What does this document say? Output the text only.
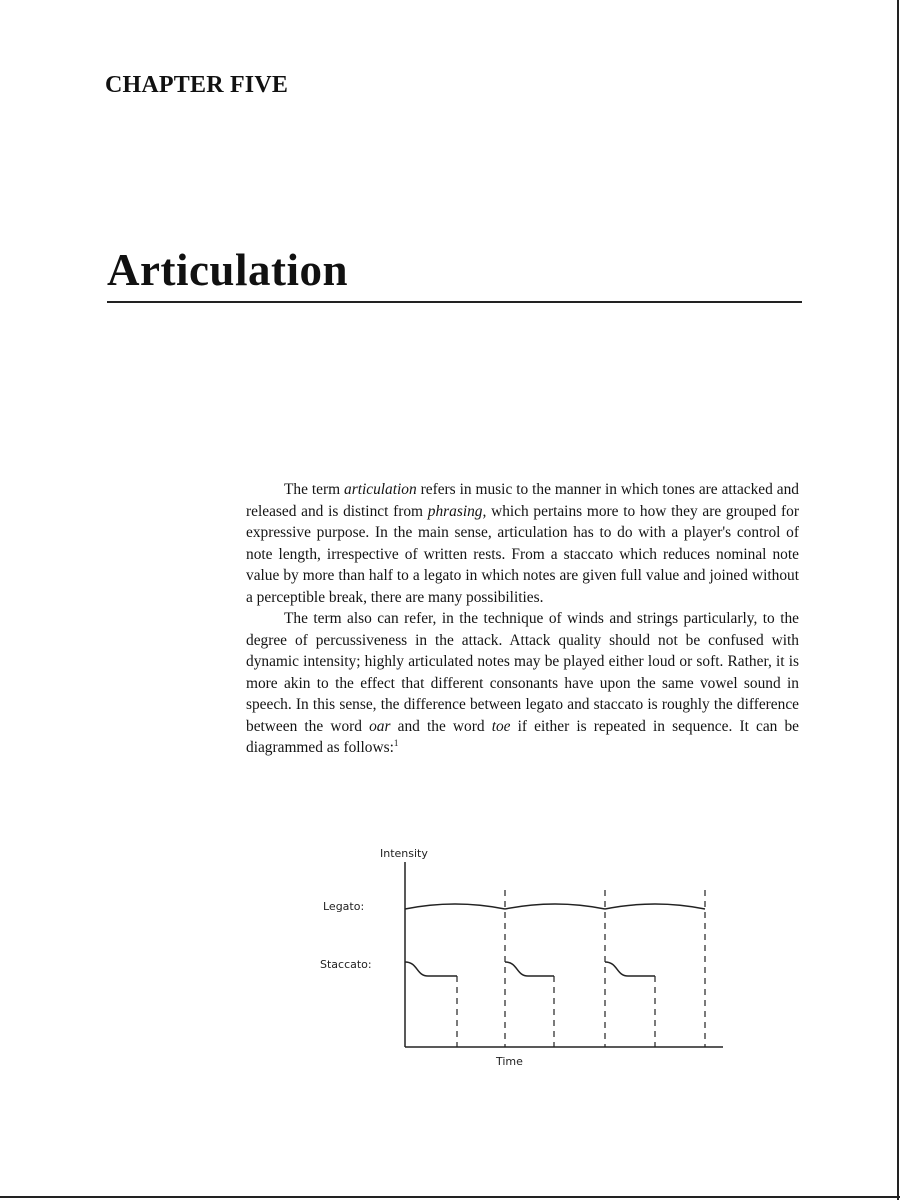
CHAPTER FIVE
Articulation

The term articulation refers in music to the manner in which tones are attacked and released and is distinct from phrasing, which pertains more to how they are grouped for expressive purpose. In the main sense, articulation has to do with a player's control of note length, irrespective of written rests. From a staccato which reduces nominal note value by more than half to a legato in which notes are given full value and joined without a perceptible break, there are many possibilities.

The term also can refer, in the technique of winds and strings particularly, to the degree of percussiveness in the attack. Attack quality should not be confused with dynamic intensity; highly articulated notes may be played either loud or soft. Rather, it is more akin to the effect that different consonants have upon the same vowel sound in speech. In this sense, the difference between legato and staccato is roughly the difference between the word oar and the word toe if either is repeated in sequence. It can be diagrammed as follows:$^1$

Intensity
Time
Legato:
Staccato:
